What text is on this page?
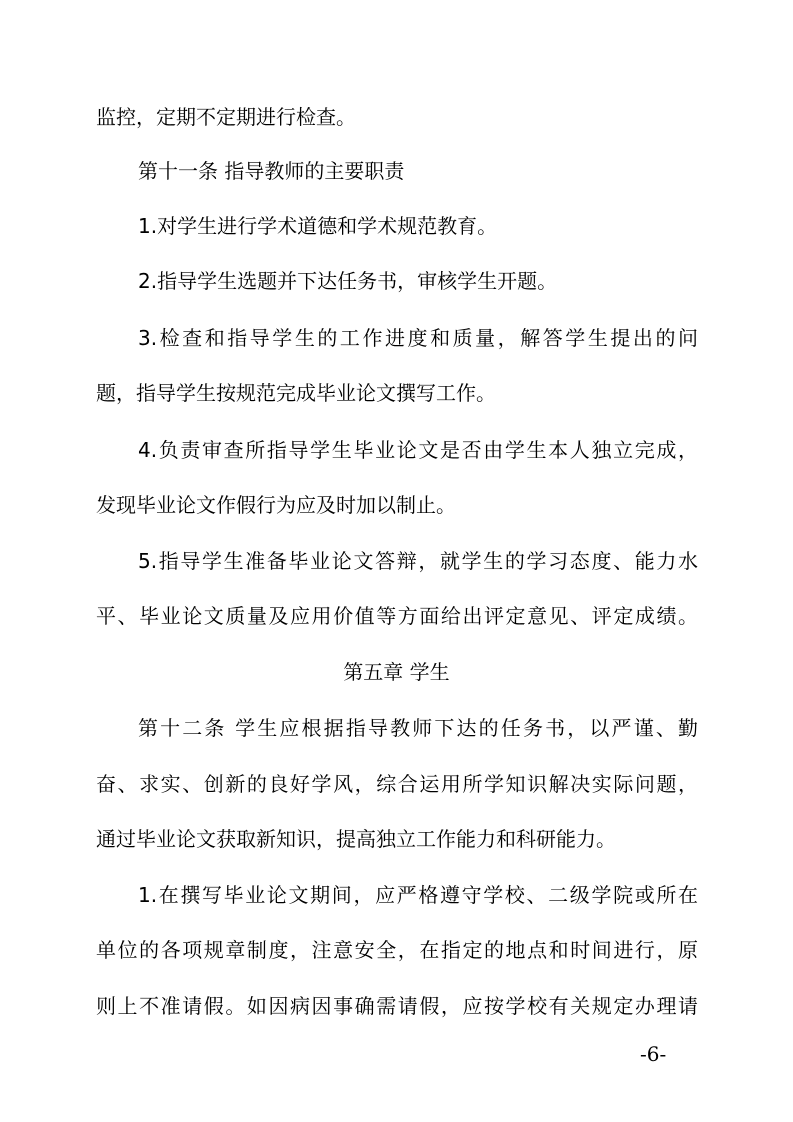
监控，定期不定期进行检查。
第十一条 指导教师的主要职责
1.对学生进行学术道德和学术规范教育。
2.指导学生选题并下达任务书，审核学生开题。
3.检查和指导学生的工作进度和质量，解答学生提出的问
题，指导学生按规范完成毕业论文撰写工作。
4.负责审查所指导学生毕业论文是否由学生本人独立完成，
发现毕业论文作假行为应及时加以制止。
5.指导学生准备毕业论文答辩，就学生的学习态度、能力水
平、毕业论文质量及应用价值等方面给出评定意见、评定成绩。
第五章 学生
第十二条 学生应根据指导教师下达的任务书，以严谨、勤
奋、求实、创新的良好学风，综合运用所学知识解决实际问题，
通过毕业论文获取新知识，提高独立工作能力和科研能力。
1.在撰写毕业论文期间，应严格遵守学校、二级学院或所在
单位的各项规章制度，注意安全，在指定的地点和时间进行，原
则上不准请假。如因病因事确需请假，应按学校有关规定办理请
-6-
